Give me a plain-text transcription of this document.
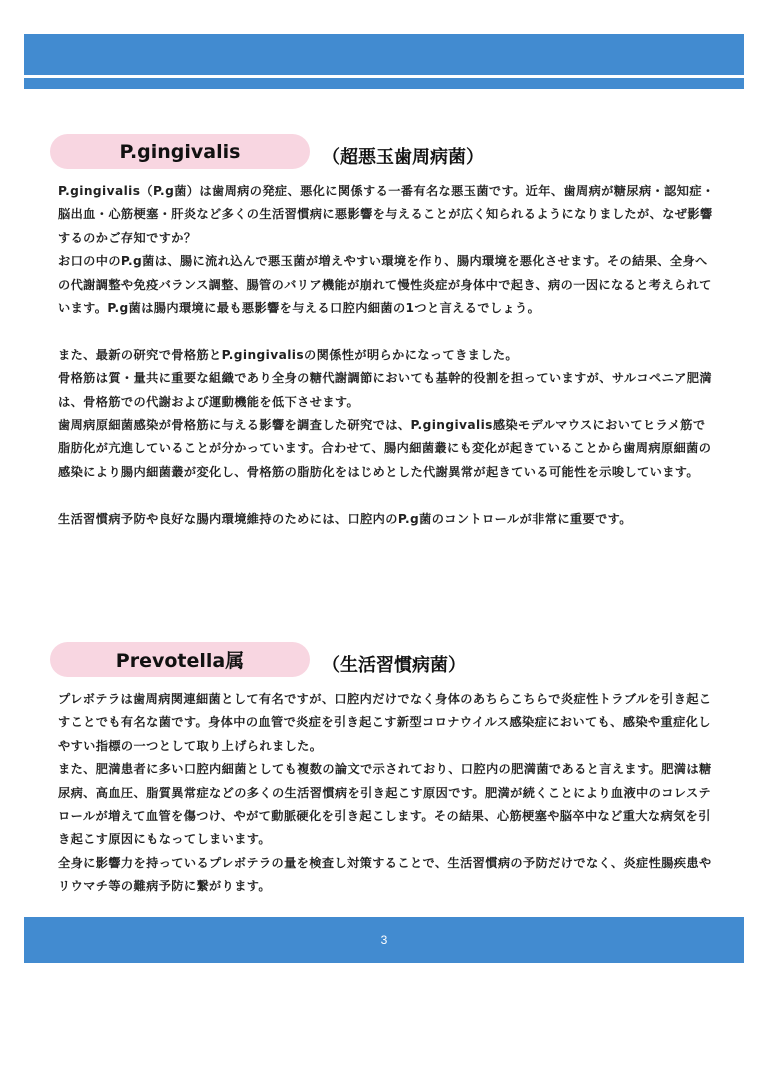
P.gingivalis	（超悪玉歯周病菌）

P.gingivalis（P.g菌）は歯周病の発症、悪化に関係する一番有名な悪玉菌です。近年、歯周病が糖尿病・認知症・脳出血・心筋梗塞・肝炎など多くの生活習慣病に悪影響を与えることが広く知られるようになりましたが、なぜ影響するのかご存知ですか？

お口の中のP.g菌は、腸に流れ込んで悪玉菌が増えやすい環境を作り、腸内環境を悪化させます。その結果、全身への代謝調整や免疫バランス調整、腸管のバリア機能が崩れて慢性炎症が身体中で起き、病の一因になると考えられています。P.g菌は腸内環境に最も悪影響を与える口腔内細菌の1つと言えるでしょう。

また、最新の研究で骨格筋とP.gingivalisの関係性が明らかになってきました。

骨格筋は質・量共に重要な組織であり全身の糖代謝調節においても基幹的役割を担っていますが、サルコペニア肥満は、骨格筋での代謝および運動機能を低下させます。

歯周病原細菌感染が骨格筋に与える影響を調査した研究では、P.gingivalis感染モデルマウスにおいてヒラメ筋で脂肪化が亢進していることが分かっています。合わせて、腸内細菌叢にも変化が起きていることから歯周病原細菌の感染により腸内細菌叢が変化し、骨格筋の脂肪化をはじめとした代謝異常が起きている可能性を示唆しています。

生活習慣病予防や良好な腸内環境維持のためには、口腔内のP.g菌のコントロールが非常に重要です。

Prevotella属	（生活習慣病菌）

プレボテラは歯周病関連細菌として有名ですが、口腔内だけでなく身体のあちらこちらで炎症性トラブルを引き起こすことでも有名な菌です。身体中の血管で炎症を引き起こす新型コロナウイルス感染症においても、感染や重症化しやすい指標の一つとして取り上げられました。

また、肥満患者に多い口腔内細菌としても複数の論文で示されており、口腔内の肥満菌であると言えます。肥満は糖尿病、高血圧、脂質異常症などの多くの生活習慣病を引き起こす原因です。肥満が続くことにより血液中のコレステロールが増えて血管を傷つけ、やがて動脈硬化を引き起こします。その結果、心筋梗塞や脳卒中など重大な病気を引き起こす原因にもなってしまいます。

全身に影響力を持っているプレボテラの量を検査し対策することで、生活習慣病の予防だけでなく、炎症性腸疾患やリウマチ等の難病予防に繋がります。

3
